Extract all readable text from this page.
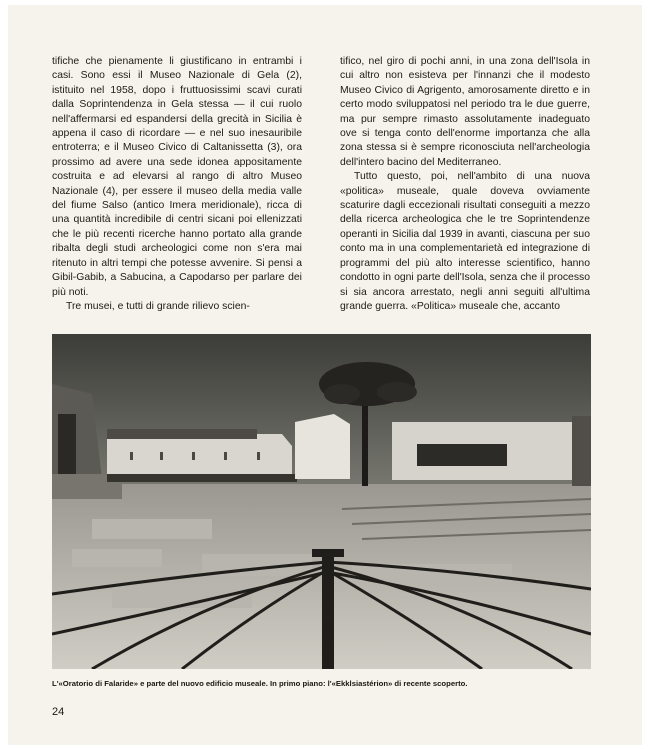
tifiche che pienamente li giustificano in entrambi i casi. Sono essi il Museo Nazionale di Gela (2), istituito nel 1958, dopo i fruttuosissimi scavi curati dalla Soprintendenza in Gela stessa — il cui ruolo nell'affermarsi ed espandersi della grecità in Sicilia è appena il caso di ricordare — e nel suo inesauribile entroterra; e il Museo Civico di Caltanissetta (3), ora prossimo ad avere una sede idonea appositamente costruita e ad elevarsi al rango di altro Museo Nazionale (4), per essere il museo della media valle del fiume Salso (antico Imera meridionale), ricca di una quantità incredibile di centri sicani poi ellenizzati che le più recenti ricerche hanno portato alla grande ribalta degli studi archeologici come non s'era mai ritenuto in altri tempi che potesse avvenire. Si pensi a Gibil-Gabib, a Sabucina, a Capodarso per parlare dei più noti.

Tre musei, e tutti di grande rilievo scien-

tifico, nel giro di pochi anni, in una zona dell'Isola in cui altro non esisteva per l'innanzi che il modesto Museo Civico di Agrigento, amorosamente diretto e in certo modo sviluppatosi nel periodo tra le due guerre, ma pur sempre rimasto assolutamente inadeguato ove si tenga conto dell'enorme importanza che alla zona stessa si è sempre riconosciuta nell'archeologia dell'intero bacino del Mediterraneo.

Tutto questo, poi, nell'ambito di una nuova «politica» museale, quale doveva ovviamente scaturire dagli eccezionali risultati conseguiti a mezzo della ricerca archeologica che le tre Soprintendenze operanti in Sicilia dal 1939 in avanti, ciascuna per suo conto ma in una complementarietà ed integrazione di programmi del più alto interesse scientifico, hanno condotto in ogni parte dell'Isola, senza che il processo si sia ancora arrestato, negli anni seguiti all'ultima grande guerra. «Politica» museale che, accanto

L'«Oratorio di Falaride» e parte del nuovo edificio museale. In primo piano: l'«Ekklsiastérion» di recente scoperto.
24
